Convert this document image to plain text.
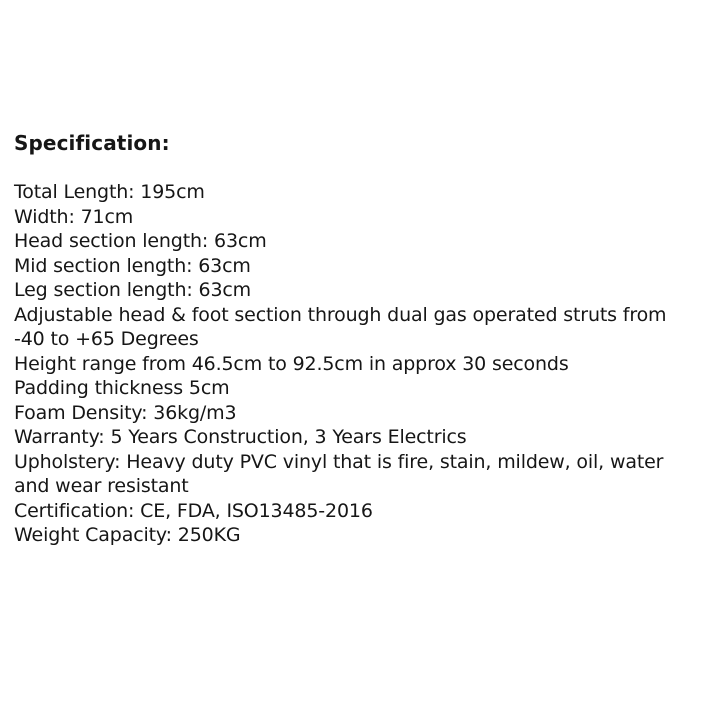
Specification:
Total Length: 195cm
Width: 71cm
Head section length: 63cm
Mid section length: 63cm
Leg section length: 63cm
Adjustable head & foot section through dual gas operated struts from
-40 to +65 Degrees
Height range from 46.5cm to 92.5cm in approx 30 seconds
Padding thickness 5cm
Foam Density: 36kg/m3
Warranty: 5 Years Construction, 3 Years Electrics
Upholstery: Heavy duty PVC vinyl that is fire, stain, mildew, oil, water
and wear resistant
Certification: CE, FDA, ISO13485-2016
Weight Capacity: 250KG
